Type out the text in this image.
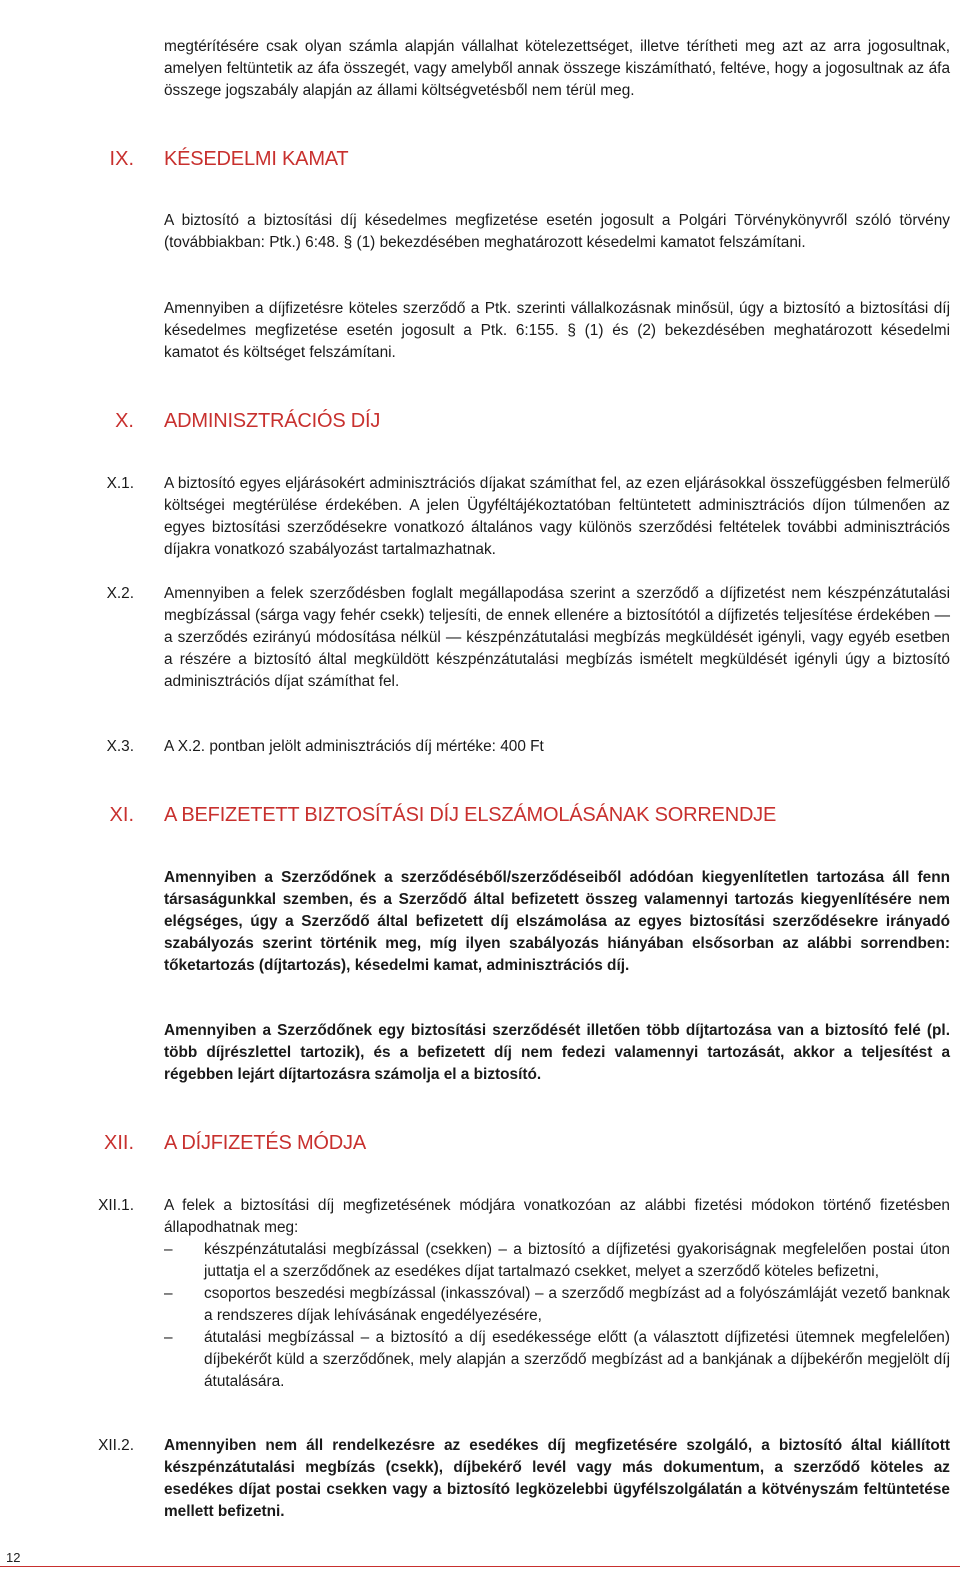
megtérítésére csak olyan számla alapján vállalhat kötelezettséget, illetve térítheti meg azt az arra jogosultnak, amelyen feltüntetik az áfa összegét, vagy amelyből annak összege kiszámítható, feltéve, hogy a jogosultnak az áfa összege jogszabály alapján az állami költségvetésből nem térül meg.

IX. KÉSEDELMI KAMAT

A biztosító a biztosítási díj késedelmes megfizetése esetén jogosult a Polgári Törvénykönyvről szóló törvény (továbbiakban: Ptk.) 6:48. § (1) bekezdésében meghatározott késedelmi kamatot felszámítani.

Amennyiben a díjfizetésre köteles szerződő a Ptk. szerinti vállalkozásnak minősül, úgy a biztosító a biztosítási díj késedelmes megfizetése esetén jogosult a Ptk. 6:155. § (1) és (2) bekezdésében meghatározott késedelmi kamatot és költséget felszámítani.

X. ADMINISZTRÁCIÓS DÍJ

X.1. A biztosító egyes eljárásokért adminisztrációs díjakat számíthat fel, az ezen eljárásokkal összefüggésben felmerülő költségei megtérülése érdekében. A jelen Ügyféltájékoztatóban feltüntetett adminisztrációs díjon túlmenően az egyes biztosítási szerződésekre vonatkozó általános vagy különös szerződési feltételek további adminisztrációs díjakra vonatkozó szabályozást tartalmazhatnak.

X.2. Amennyiben a felek szerződésben foglalt megállapodása szerint a szerződő a díjfizetést nem készpénzátutalási megbízással (sárga vagy fehér csekk) teljesíti, de ennek ellenére a biztosítótól a díjfizetés teljesítése érdekében — a szerződés ezirányú módosítása nélkül — készpénzátutalási megbízás megküldését igényli, vagy egyéb esetben a részére a biztosító által megküldött készpénzátutalási megbízás ismételt megküldését igényli úgy a biztosító adminisztrációs díjat számíthat fel.

X.3. A X.2. pontban jelölt adminisztrációs díj mértéke: 400 Ft

XI. A BEFIZETETT BIZTOSÍTÁSI DÍJ ELSZÁMOLÁSÁNAK SORRENDJE

Amennyiben a Szerződőnek a szerződéséből/szerződéseiből adódóan kiegyenlítetlen tartozása áll fenn társaságunkkal szemben, és a Szerződő által befizetett összeg valamennyi tartozás kiegyenlítésére nem elégséges, úgy a Szerződő által befizetett díj elszámolása az egyes biztosítási szerződésekre irányadó szabályozás szerint történik meg, míg ilyen szabályozás hiányában elsősorban az alábbi sorrendben: tőketartozás (díjtartozás), késedelmi kamat, adminisztrációs díj.

Amennyiben a Szerződőnek egy biztosítási szerződését illetően több díjtartozása van a biztosító felé (pl. több díjrészlettel tartozik), és a befizetett díj nem fedezi valamennyi tartozását, akkor a teljesítést a régebben lejárt díjtartozásra számolja el a biztosító.

XII. A DÍJFIZETÉS MÓDJA

XII.1. A felek a biztosítási díj megfizetésének módjára vonatkozóan az alábbi fizetési módokon történő fizetésben állapodhatnak meg:

– készpénzátutalási megbízással (csekken) – a biztosító a díjfizetési gyakoriságnak megfelelően postai úton juttatja el a szerződőnek az esedékes díjat tartalmazó csekket, melyet a szerződő köteles befizetni,
– csoportos beszedési megbízással (inkasszóval) – a szerződő megbízást ad a folyószámláját vezető banknak a rendszeres díjak lehívásának engedélyezésére,
– átutalási megbízással – a biztosító a díj esedékessége előtt (a választott díjfizetési ütemnek megfelelően) díjbekérőt küld a szerződőnek, mely alapján a szerződő megbízást ad a bankjának a díjbekérőn megjelölt díj átutalására.

XII.2. Amennyiben nem áll rendelkezésre az esedékes díj megfizetésére szolgáló, a biztosító által kiállított készpénzátutalási megbízás (csekk), díjbekérő levél vagy más dokumentum, a szerződő köteles az esedékes díjat postai csekken vagy a biztosító legközelebbi ügyfélszolgálatán a kötvényszám feltüntetése mellett befizetni.

12
